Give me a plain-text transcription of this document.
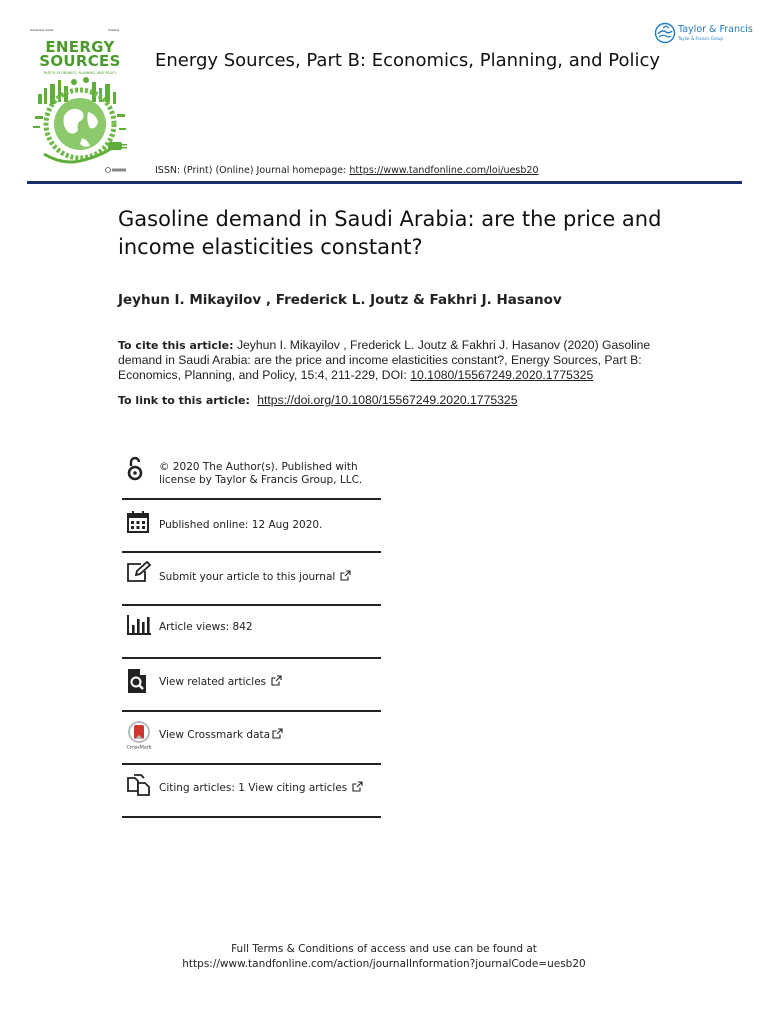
▬▬▬▬▬ ▬▬▬	▬▬▬▬
ENERGY
SOURCES
PART B: ECONOMICS, PLANNING, AND POLICY
Energy Sources, Part B: Economics, Planning, and Policy
ISSN: (Print) (Online) Journal homepage: https://www.tandfonline.com/loi/uesb20
Taylor & Francis
Taylor & Francis Group
Gasoline demand in Saudi Arabia: are the price and income elasticities constant?
Jeyhun I. Mikayilov , Frederick L. Joutz & Fakhri J. Hasanov
To cite this article: Jeyhun I. Mikayilov , Frederick L. Joutz & Fakhri J. Hasanov (2020) Gasoline demand in Saudi Arabia: are the price and income elasticities constant?, Energy Sources, Part B: Economics, Planning, and Policy, 15:4, 211-229, DOI: 10.1080/15567249.2020.1775325
To link to this article: https://doi.org/10.1080/15567249.2020.1775325
© 2020 The Author(s). Published with license by Taylor & Francis Group, LLC.
Published online: 12 Aug 2020.
Submit your article to this journal
Article views: 842
View related articles
CrossMark
View Crossmark data
Citing articles: 1 View citing articles
Full Terms & Conditions of access and use can be found at
https://www.tandfonline.com/action/journalInformation?journalCode=uesb20
